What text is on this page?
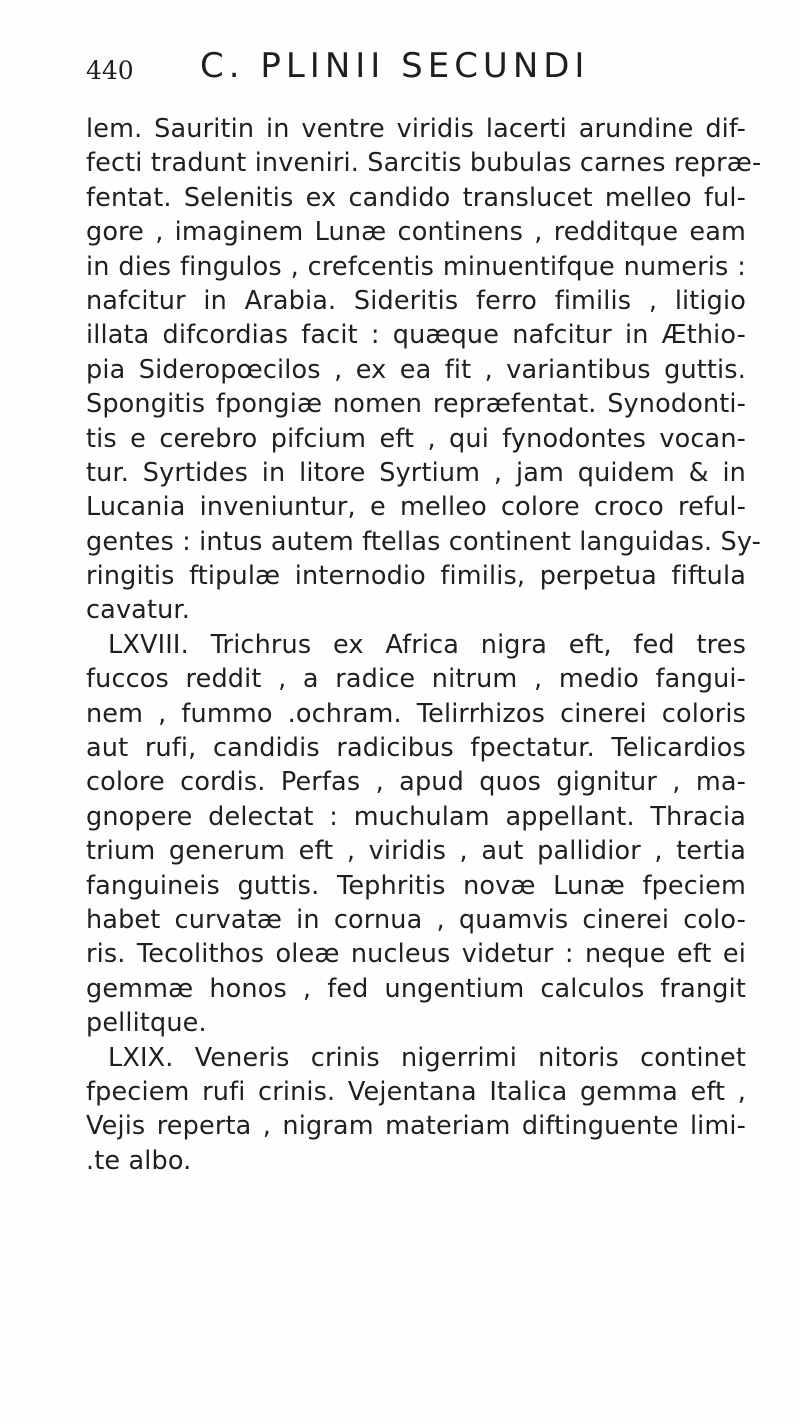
440 C. PLINII SECUNDI
lem. Sauritin in ventre viridis lacerti arundine dif-
fecti tradunt inveniri. Sarcitis bubulas carnes repræ-
fentat. Selenitis ex candido translucet melleo ful-
gore , imaginem Lunæ continens , redditque eam
in dies fingulos , crefcentis minuentifque numeris :
nafcitur in Arabia. Sideritis ferro fimilis , litigio
illata difcordias facit : quæque nafcitur in Æthio-
pia Sideropœcilos , ex ea fit , variantibus guttis.
Spongitis fpongiæ nomen repræfentat. Synodonti-
tis e cerebro pifcium eft , qui fynodontes vocan-
tur. Syrtides in litore Syrtium , jam quidem & in
Lucania inveniuntur, e melleo colore croco reful-
gentes : intus autem ftellas continent languidas. Sy-
ringitis ftipulæ internodio fimilis, perpetua fiftula
cavatur.
LXVIII. Trichrus ex Africa nigra eft, fed tres
fuccos reddit , a radice nitrum , medio fangui-
nem , fummo .ochram. Telirrhizos cinerei coloris
aut rufi, candidis radicibus fpectatur. Telicardios
colore cordis. Perfas , apud quos gignitur , ma-
gnopere delectat : muchulam appellant. Thracia
trium generum eft , viridis , aut pallidior , tertia
fanguineis guttis. Tephritis novæ Lunæ fpeciem
habet curvatæ in cornua , quamvis cinerei colo-
ris. Tecolithos oleæ nucleus videtur : neque eft ei
gemmæ honos , fed ungentium calculos frangit
pellitque.
LXIX. Veneris crinis nigerrimi nitoris continet
fpeciem rufi crinis. Vejentana Italica gemma eft ,
Vejis reperta , nigram materiam diftinguente limi-
.te albo.
